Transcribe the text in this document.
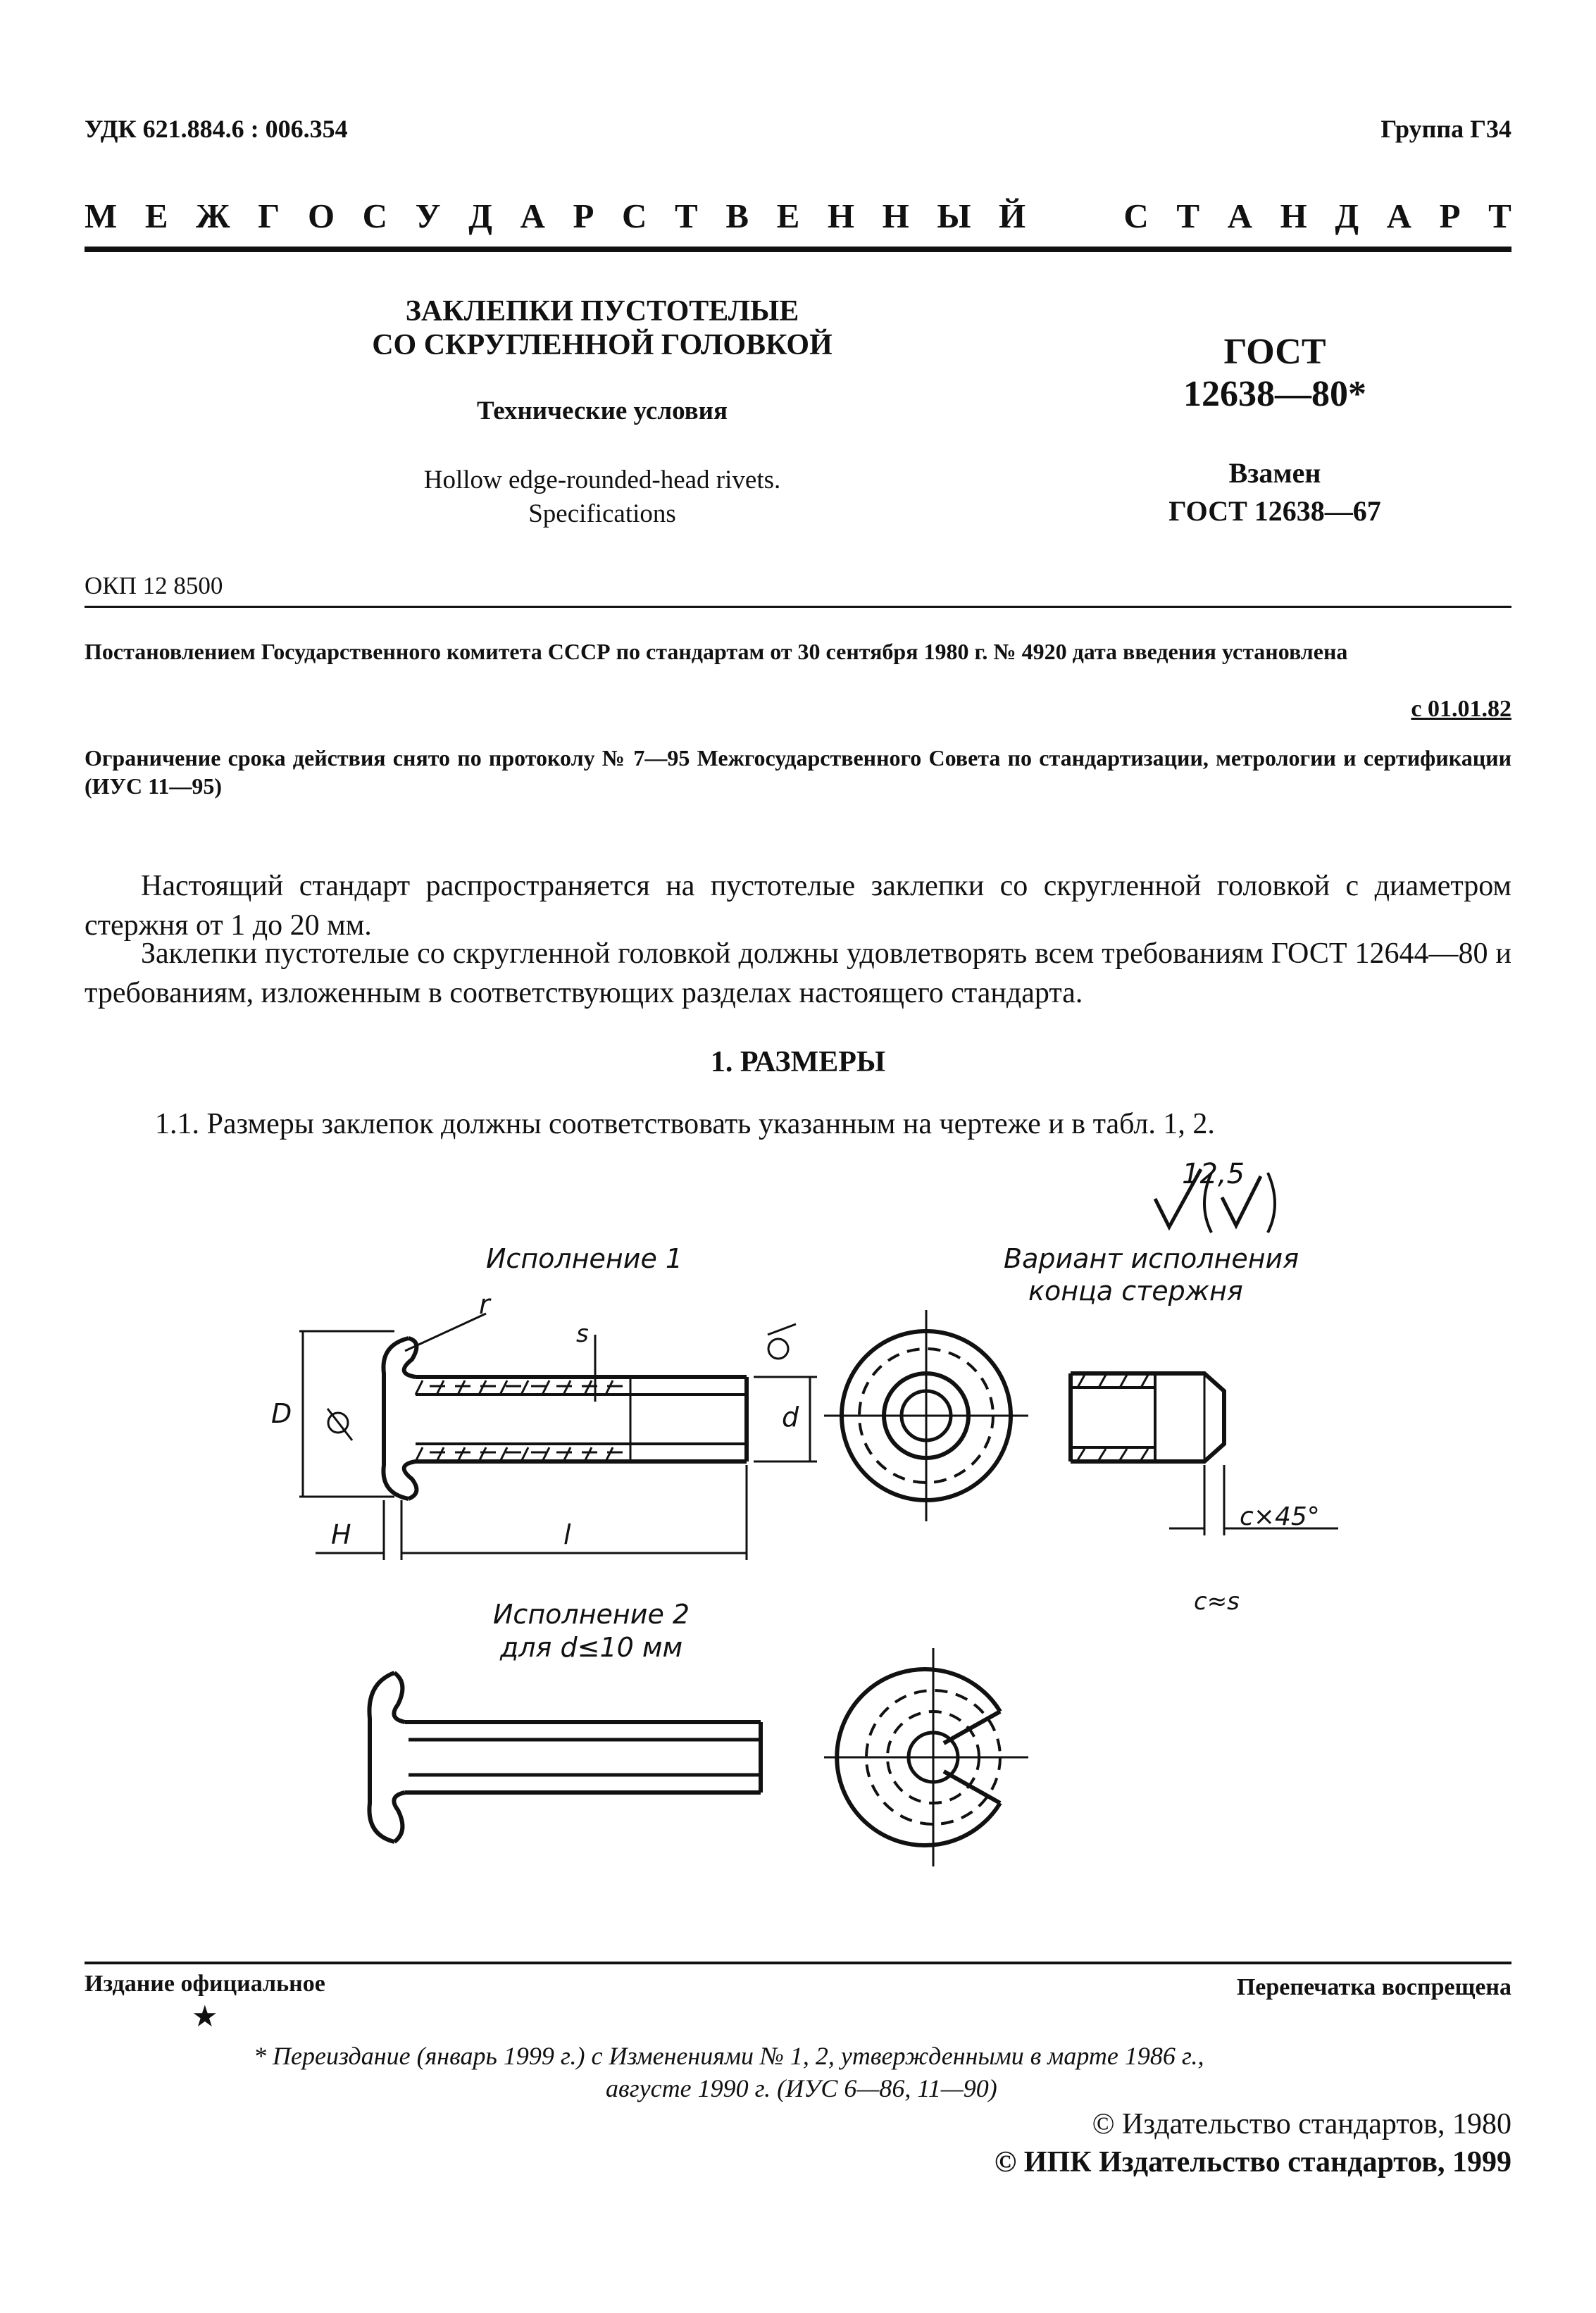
УДК 621.884.6 : 006.354	Группа Г34
М Е Ж Г О С У Д А Р С Т В Е Н Н Ы Й	С Т А Н Д А Р Т
ЗАКЛЕПКИ ПУСТОТЕЛЫЕ
СО СКРУГЛЕННОЙ ГОЛОВКОЙ
Технические условия
Hollow edge-rounded-head rivets.
Specifications
ГОСТ
12638—80*
Взамен
ГОСТ 12638—67
ОКП 12 8500
Постановлением Государственного комитета СССР по стандартам от 30 сентября 1980 г. № 4920 дата введения установлена
с 01.01.82
Ограничение срока действия снято по протоколу № 7—95 Межгосударственного Совета по стандартизации, метрологии и сертификации (ИУС 11—95)
Настоящий стандарт распространяется на пустотелые заклепки со скругленной головкой с диаметром стержня от 1 до 20 мм.
Заклепки пустотелые со скругленной головкой должны удовлетворять всем требованиям ГОСТ 12644—80 и требованиям, изложенным в соответствующих разделах настоящего стандарта.
1. РАЗМЕРЫ
1.1. Размеры заклепок должны соответствовать указанным на чертеже и в табл. 1, 2.
12,5
Исполнение 1	Вариант исполнения
конца стержня
D
r
s
d
H	l
c×45°
c≈s
Исполнение 2
для d≤10 мм
Издание официальное	Перепечатка воспрещена
★
* Переиздание (январь 1999 г.) с Изменениями № 1, 2, утвержденными в марте 1986 г.,
августе 1990 г. (ИУС 6—86, 11—90)
© Издательство стандартов, 1980
© ИПК Издательство стандартов, 1999
